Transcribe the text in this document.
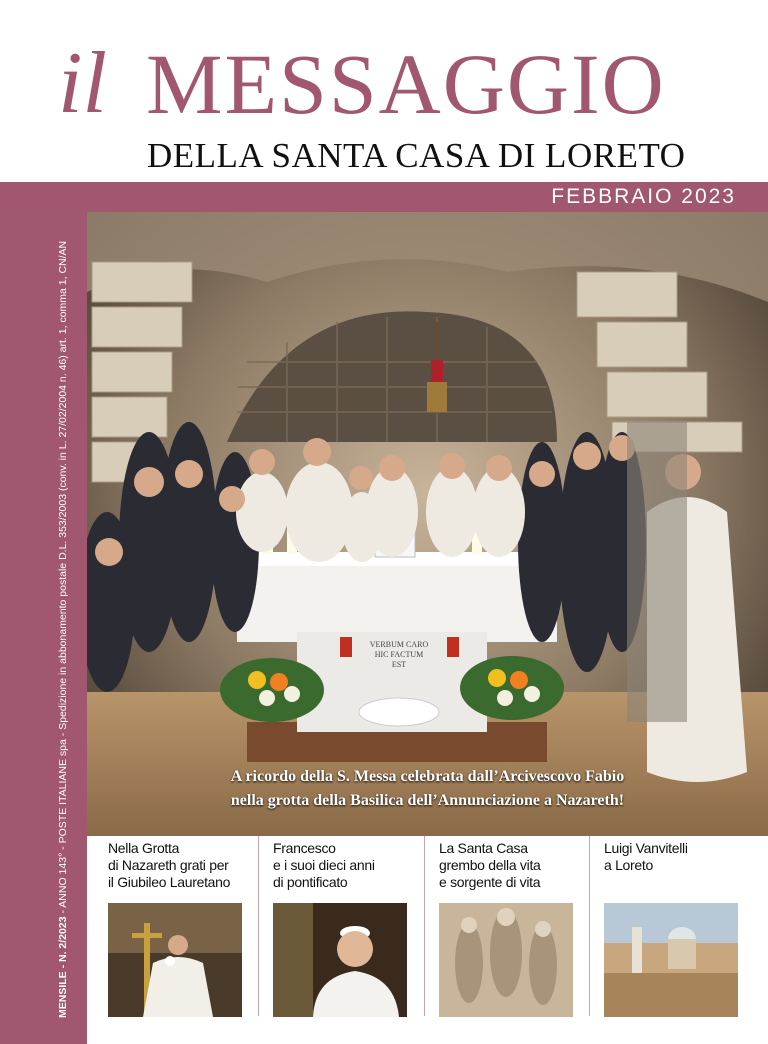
il MESSAGGIO
DELLA SANTA CASA DI LORETO
FEBBRAIO 2023
MENSILE - N. 2/2023 - ANNO 143° - POSTE ITALIANE spa - Spedizione in abbonamento postale D.L. 353/2003 (conv. in L. 27/02/2004 n. 46) art. 1, comma 1, CN/AN	VERBUM CARO
HIC FACTUM
EST
A ricordo della S. Messa celebrata dall’Arcivescovo Fabio
nella grotta della Basilica dell’Annunciazione a Nazareth!
Nella Grotta
di Nazareth grati per
il Giubileo Lauretano
Francesco
e i suoi dieci anni
di pontificato
La Santa Casa
grembo della vita
e sorgente di vita
Luigi Vanvitelli
a Loreto
